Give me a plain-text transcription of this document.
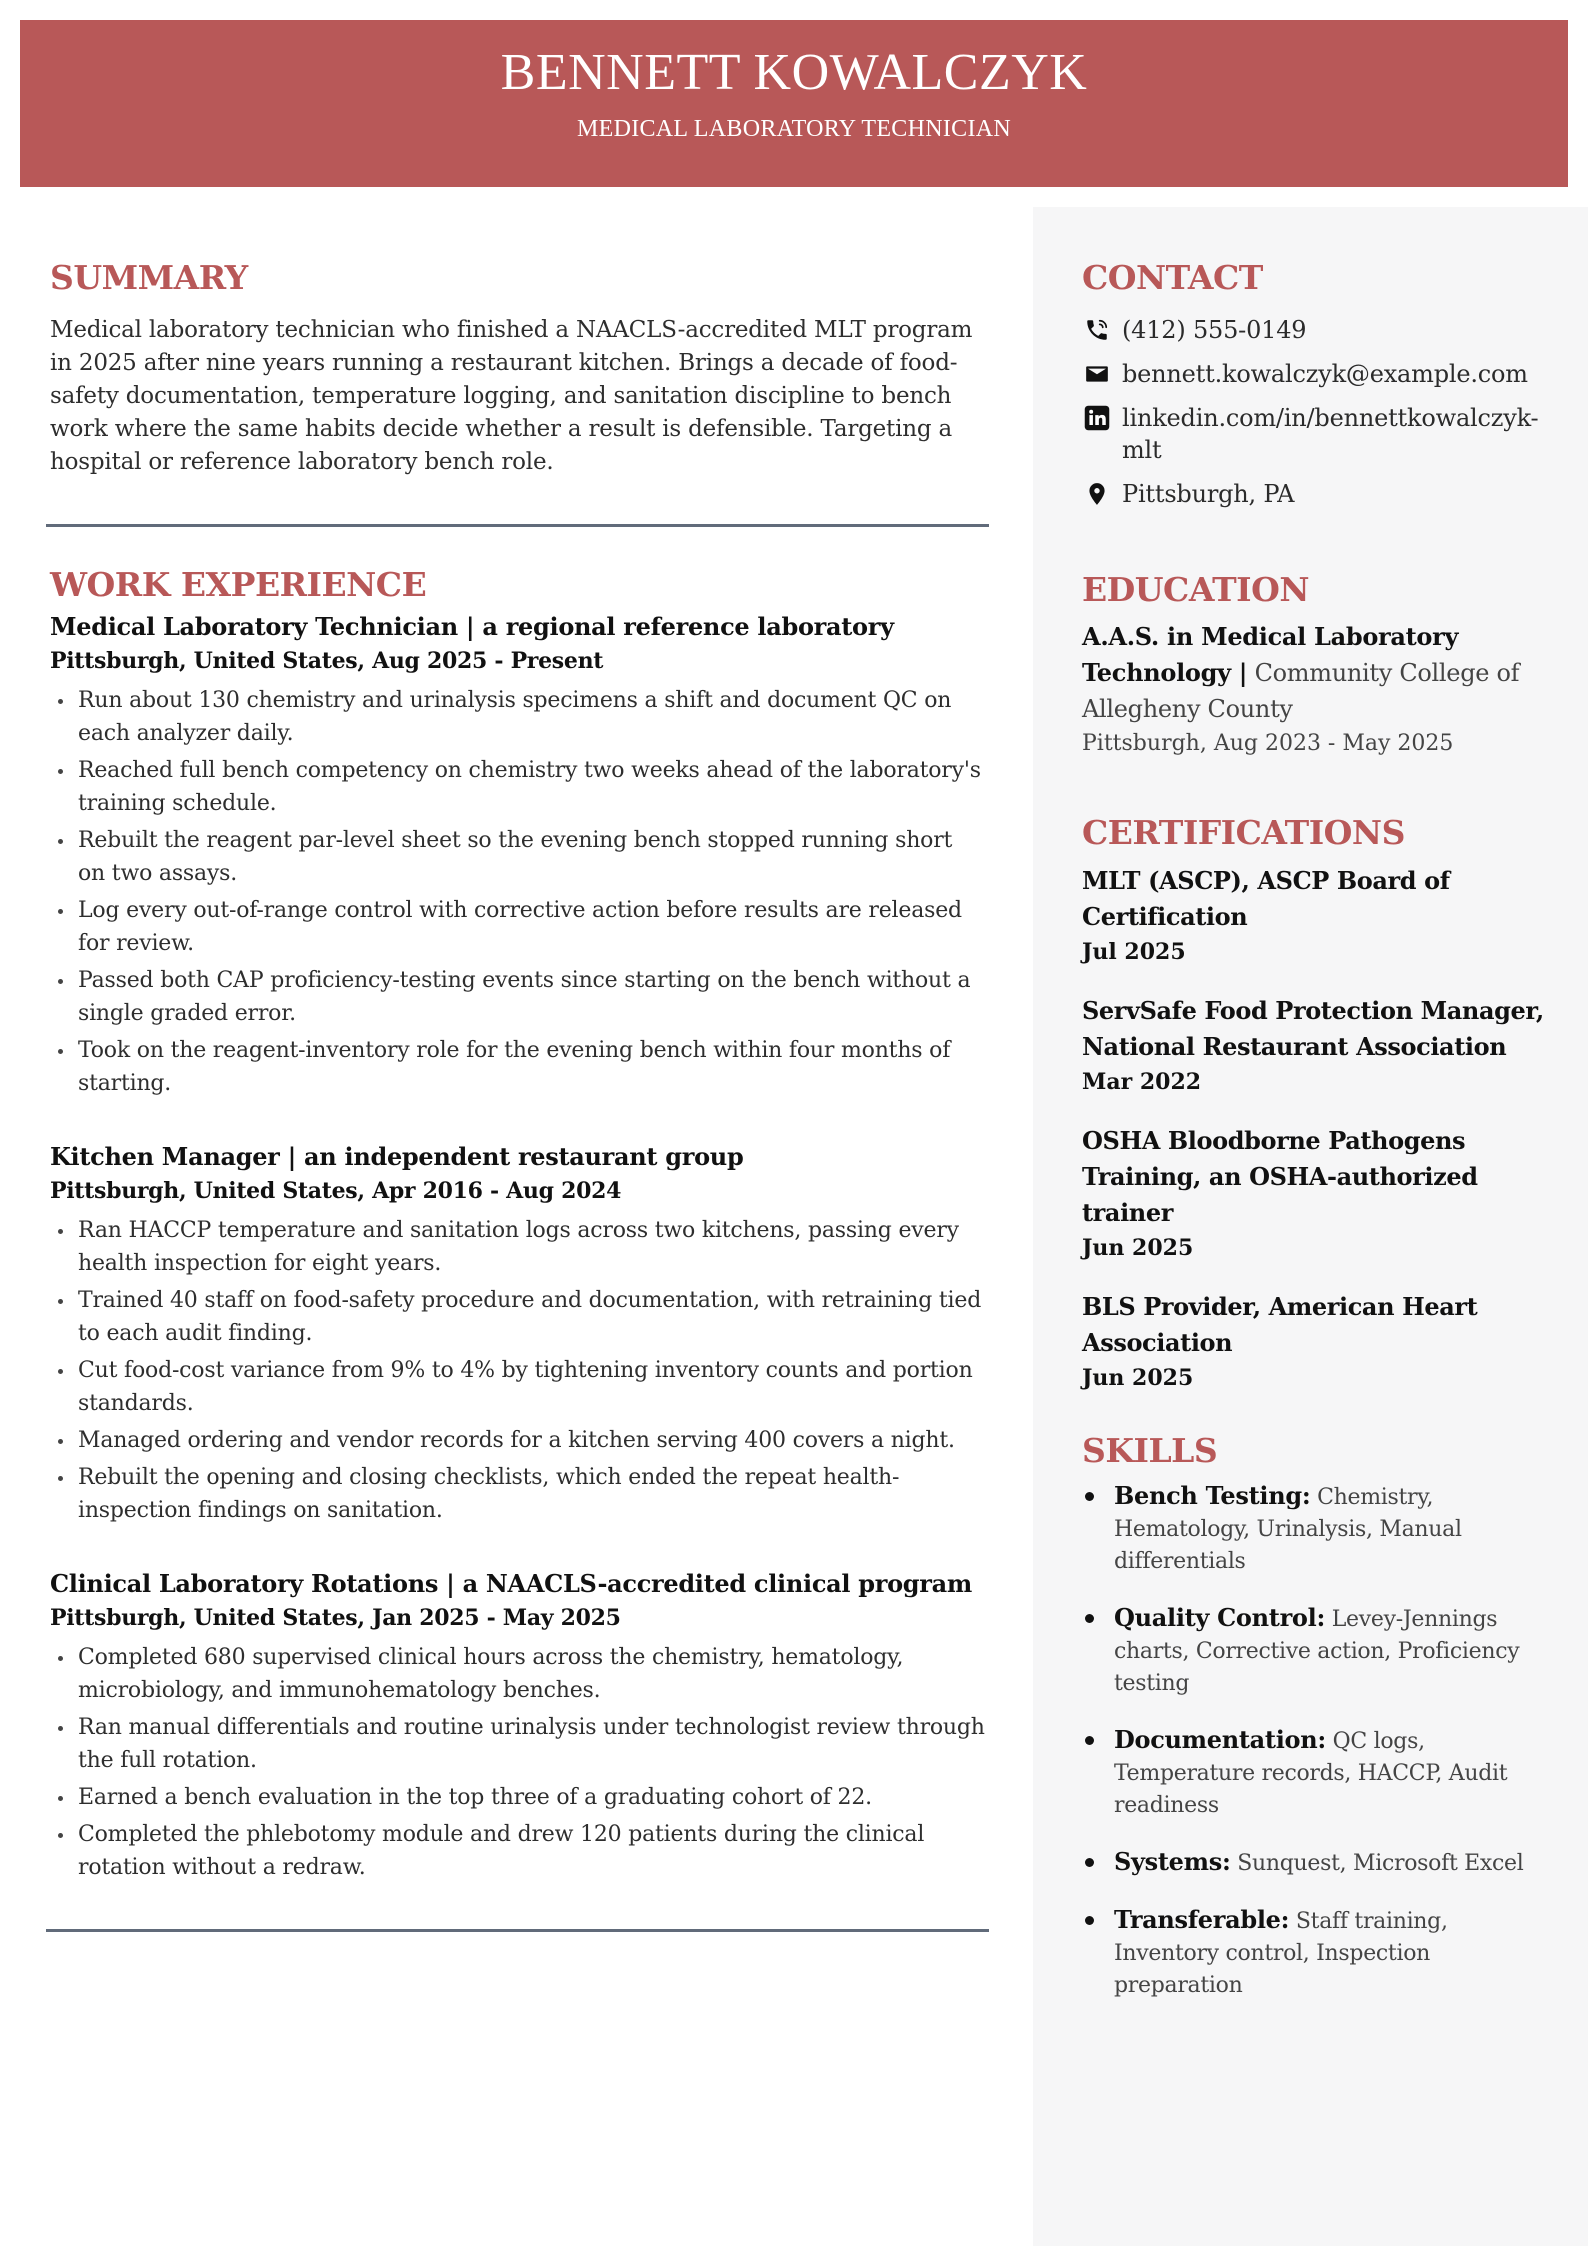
BENNETT KOWALCZYK
MEDICAL LABORATORY TECHNICIAN
SUMMARY

Medical laboratory technician who finished a NAACLS-accredited MLT program in 2025 after nine years running a restaurant kitchen. Brings a decade of food-safety documentation, temperature logging, and sanitation discipline to bench work where the same habits decide whether a result is defensible. Targeting a hospital or reference laboratory bench role.

WORK EXPERIENCE
Medical Laboratory Technician | a regional reference laboratory
Pittsburgh, United States, Aug 2025 - Present
Run about 130 chemistry and urinalysis specimens a shift and document QC on each analyzer daily.
Reached full bench competency on chemistry two weeks ahead of the laboratory's training schedule.
Rebuilt the reagent par-level sheet so the evening bench stopped running short on two assays.
Log every out-of-range control with corrective action before results are released for review.
Passed both CAP proficiency-testing events since starting on the bench without a single graded error.
Took on the reagent-inventory role for the evening bench within four months of starting.
Kitchen Manager | an independent restaurant group
Pittsburgh, United States, Apr 2016 - Aug 2024
Ran HACCP temperature and sanitation logs across two kitchens, passing every health inspection for eight years.
Trained 40 staff on food-safety procedure and documentation, with retraining tied to each audit finding.
Cut food-cost variance from 9% to 4% by tightening inventory counts and portion standards.
Managed ordering and vendor records for a kitchen serving 400 covers a night.
Rebuilt the opening and closing checklists, which ended the repeat health-inspection findings on sanitation.
Clinical Laboratory Rotations | a NAACLS-accredited clinical program
Pittsburgh, United States, Jan 2025 - May 2025
Completed 680 supervised clinical hours across the chemistry, hematology, microbiology, and immunohematology benches.
Ran manual differentials and routine urinalysis under technologist review through the full rotation.
Earned a bench evaluation in the top three of a graduating cohort of 22.
Completed the phlebotomy module and drew 120 patients during the clinical rotation without a redraw.
CONTACT
(412) 555-0149
bennett.kowalczyk@example.com
linkedin.com/in/bennettkowalczyk-mlt
Pittsburgh, PA
EDUCATION
A.A.S. in Medical Laboratory Technology | Community College of Allegheny County
Pittsburgh, Aug 2023 - May 2025
CERTIFICATIONS
MLT (ASCP), ASCP Board of Certification
Jul 2025
ServSafe Food Protection Manager, National Restaurant Association
Mar 2022
OSHA Bloodborne Pathogens Training, an OSHA-authorized trainer
Jun 2025
BLS Provider, American Heart Association
Jun 2025
SKILLS
Bench Testing: Chemistry, Hematology, Urinalysis, Manual differentials
Quality Control: Levey-Jennings charts, Corrective action, Proficiency testing
Documentation: QC logs, Temperature records, HACCP, Audit readiness
Systems: Sunquest, Microsoft Excel
Transferable: Staff training, Inventory control, Inspection preparation
